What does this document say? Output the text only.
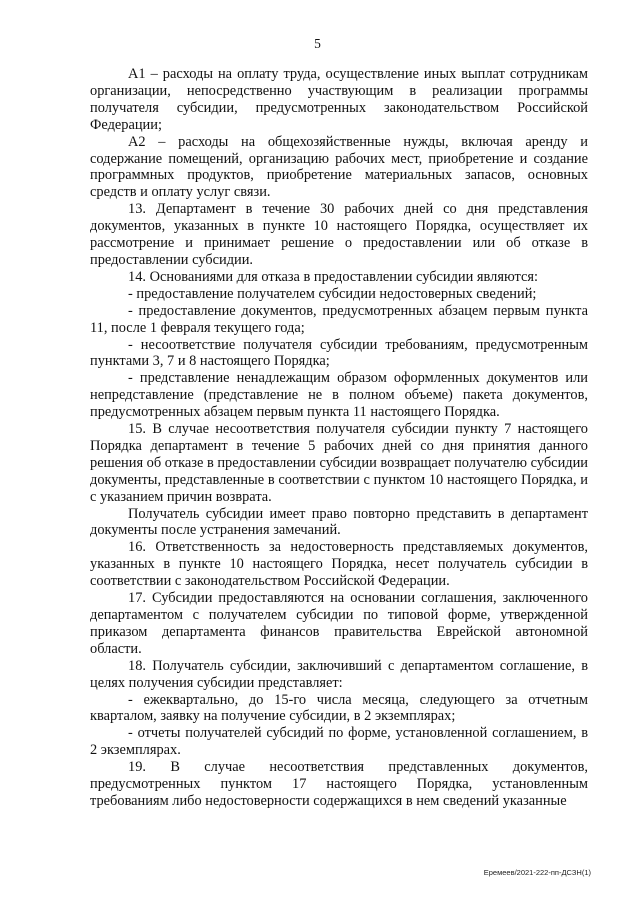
5

А1 – расходы на оплату труда, осуществление иных выплат сотрудникам организации, непосредственно участвующим в реализации программы получателя субсидии, предусмотренных законодательством Российской Федерации;

А2 – расходы на общехозяйственные нужды, включая аренду и содержание помещений, организацию рабочих мест, приобретение и создание программных продуктов, приобретение материальных запасов, основных средств и оплату услуг связи.

13. Департамент в течение 30 рабочих дней со дня представления документов, указанных в пункте 10 настоящего Порядка, осуществляет их рассмотрение и принимает решение о предоставлении или об отказе в предоставлении субсидии.

14. Основаниями для отказа в предоставлении субсидии являются:

- предоставление получателем субсидии недостоверных сведений;

- предоставление документов, предусмотренных абзацем первым пункта 11, после 1 февраля текущего года;

- несоответствие получателя субсидии требованиям, предусмотренным пунктами 3, 7 и 8 настоящего Порядка;

- представление ненадлежащим образом оформленных документов или непредставление (представление не в полном объеме) пакета документов, предусмотренных абзацем первым пункта 11 настоящего Порядка.

15. В случае несоответствия получателя субсидии пункту 7 настоящего Порядка департамент в течение 5 рабочих дней со дня принятия данного решения об отказе в предоставлении субсидии возвращает получателю субсидии документы, представленные в соответствии с пунктом 10 настоящего Порядка, и с указанием причин возврата.

Получатель субсидии имеет право повторно представить в департамент документы после устранения замечаний.

16. Ответственность за недостоверность представляемых документов, указанных в пункте 10 настоящего Порядка, несет получатель субсидии в соответствии с законодательством Российской Федерации.

17. Субсидии предоставляются на основании соглашения, заключенного департаментом с получателем субсидии по типовой форме, утвержденной приказом департамента финансов правительства Еврейской автономной области.

18. Получатель субсидии, заключивший с департаментом соглашение, в целях получения субсидии представляет:

- ежеквартально, до 15-го числа месяца, следующего за отчетным кварталом, заявку на получение субсидии, в 2 экземплярах;

- отчеты получателей субсидий по форме, установленной соглашением, в 2 экземплярах.

19. В случае несоответствия представленных документов, предусмотренных пунктом 17 настоящего Порядка, установленным требованиям либо недостоверности содержащихся в нем сведений указанные

Еремеев/2021-222-пп-ДСЗН(1)
